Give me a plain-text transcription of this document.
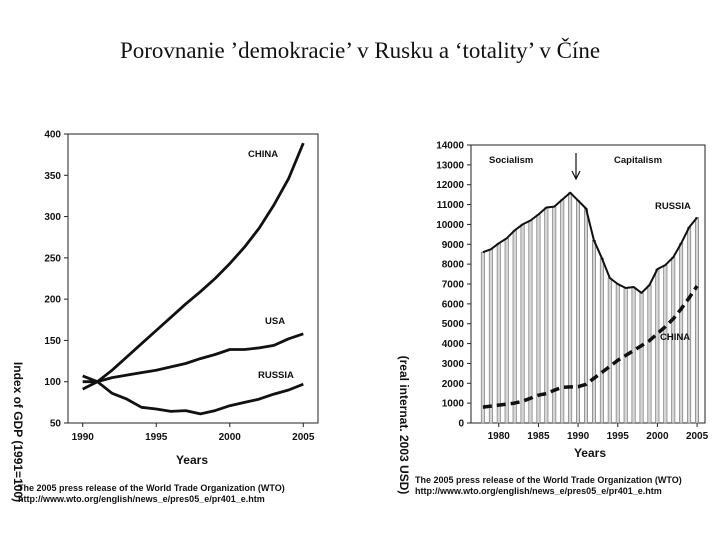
Porovnanie ’demokracie’ v Rusku a ‘totality’ v Číne
50
100
150
200
250
300
350
400
1990	1995	2000	2005
CHINA
USA
RUSSIA
Years
Index of GDP (1991=100)
The 2005 press release of the World Trade Organization (WTO)
http://www.wto.org/english/news_e/pres05_e/pr401_e.htm
0
1000
2000
3000
4000
5000
6000
7000
8000
9000
10000
11000
12000
13000
14000
1980 1985 1990 1995 2000 2005
Socialism	Capitalism
RUSSIA
CHINA
Years
(real internat. 2003 USD) The 2005 press release of the World Trade Organization (WTO)
http://www.wto.org/english/news_e/pres05_e/pr401_e.htm
